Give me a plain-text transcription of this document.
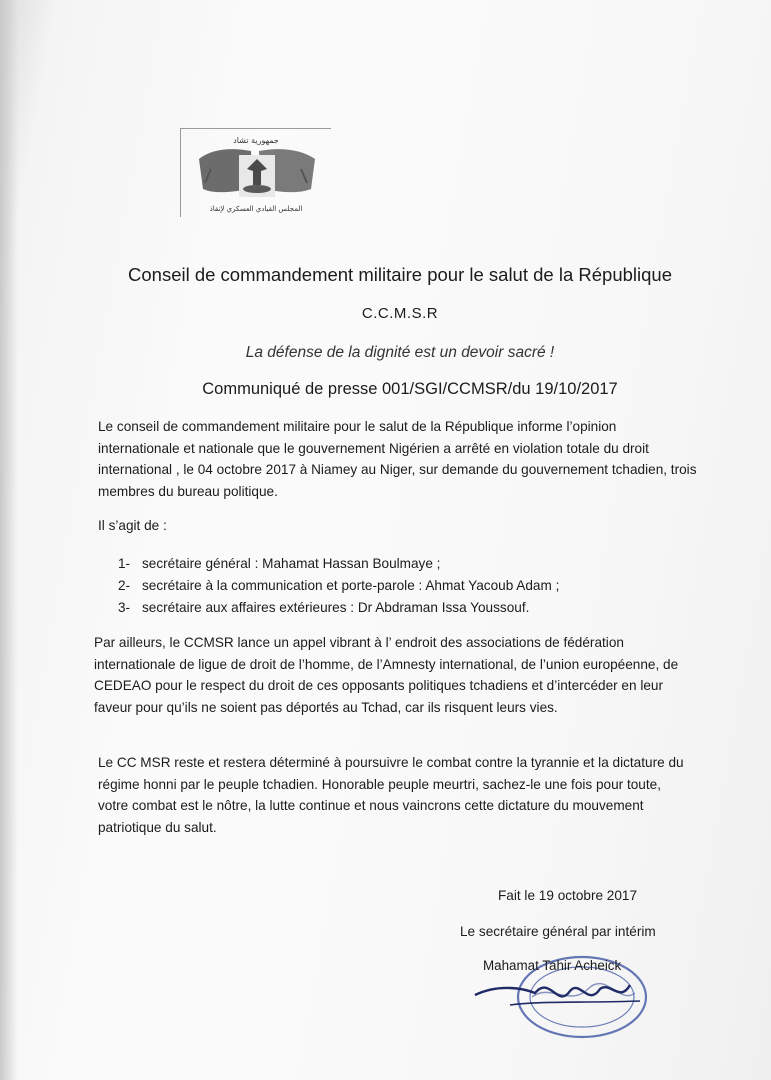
جمهورية تشاد
المجلس القيادي العسكري لإنقاذ
Conseil de commandement militaire pour le salut de la République
C.C.M.S.R
La défense de la dignité est un devoir sacré !
Communiqué de presse 001/SGI/CCMSR/du 19/10/2017

Le conseil de commandement militaire pour le salut de la République informe l’opinion internationale et nationale que le gouvernement Nigérien a arrêté en violation totale du droit international , le 04 octobre 2017 à Niamey au Niger, sur demande du gouvernement tchadien, trois membres du bureau politique.

Il s’agit de :

1- secrétaire général : Mahamat Hassan Boulmaye ;
2- secrétaire à la communication et porte-parole : Ahmat Yacoub Adam ;
3- secrétaire aux affaires extérieures : Dr Abdraman Issa Youssouf.

Par ailleurs, le CCMSR lance un appel vibrant à l’ endroit des associations de fédération internationale de ligue de droit de l’homme, de l’Amnesty international, de l’union européenne, de CEDEAO pour le respect du droit de ces opposants politiques tchadiens et d’intercéder en leur faveur pour qu’ils ne soient pas déportés au Tchad, car ils risquent leurs vies.

Le CC MSR reste et restera déterminé à poursuivre le combat contre la tyrannie et la dictature du régime honni par le peuple tchadien. Honorable peuple meurtri, sachez-le une fois pour toute, votre combat est le nôtre, la lutte continue et nous vaincrons cette dictature du mouvement patriotique du salut.

Fait le 19 octobre 2017
Le secrétaire général par intérim
Mahamat Tahir Acheick
